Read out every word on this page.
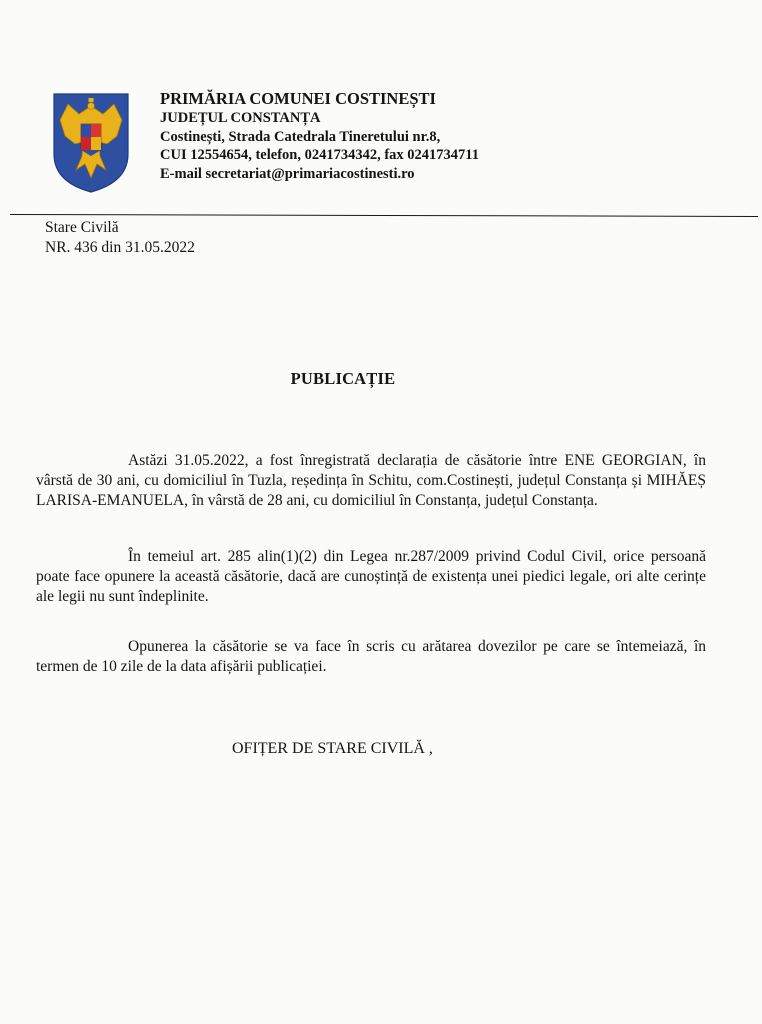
PRIMĂRIA COMUNEI COSTINEȘTI
JUDEȚUL CONSTANȚA
Costinești, Strada Catedrala Tineretului nr.8,
CUI 12554654, telefon, 0241734342, fax 0241734711
E-mail secretariat@primariacostinesti.ro
Stare Civilă
NR. 436 din 31.05.2022
PUBLICAȚIE
Astăzi 31.05.2022, a fost înregistrată declarația de căsătorie între ENE GEORGIAN, în vârstă de 30 ani, cu domiciliul în Tuzla, reședința în Schitu, com.Costinești, județul Constanța și MIHĂEȘ LARISA-EMANUELA, în vârstă de 28 ani, cu domiciliul în Constanța, județul Constanța.
În temeiul art. 285 alin(1)(2) din Legea nr.287/2009 privind Codul Civil, orice persoană poate face opunere la această căsătorie, dacă are cunoștință de existența unei piedici legale, ori alte cerințe ale legii nu sunt îndeplinite.
Opunerea la căsătorie se va face în scris cu arătarea dovezilor pe care se întemeiază, în termen de 10 zile de la data afișării publicației.
OFIȚER DE STARE CIVILĂ ,
